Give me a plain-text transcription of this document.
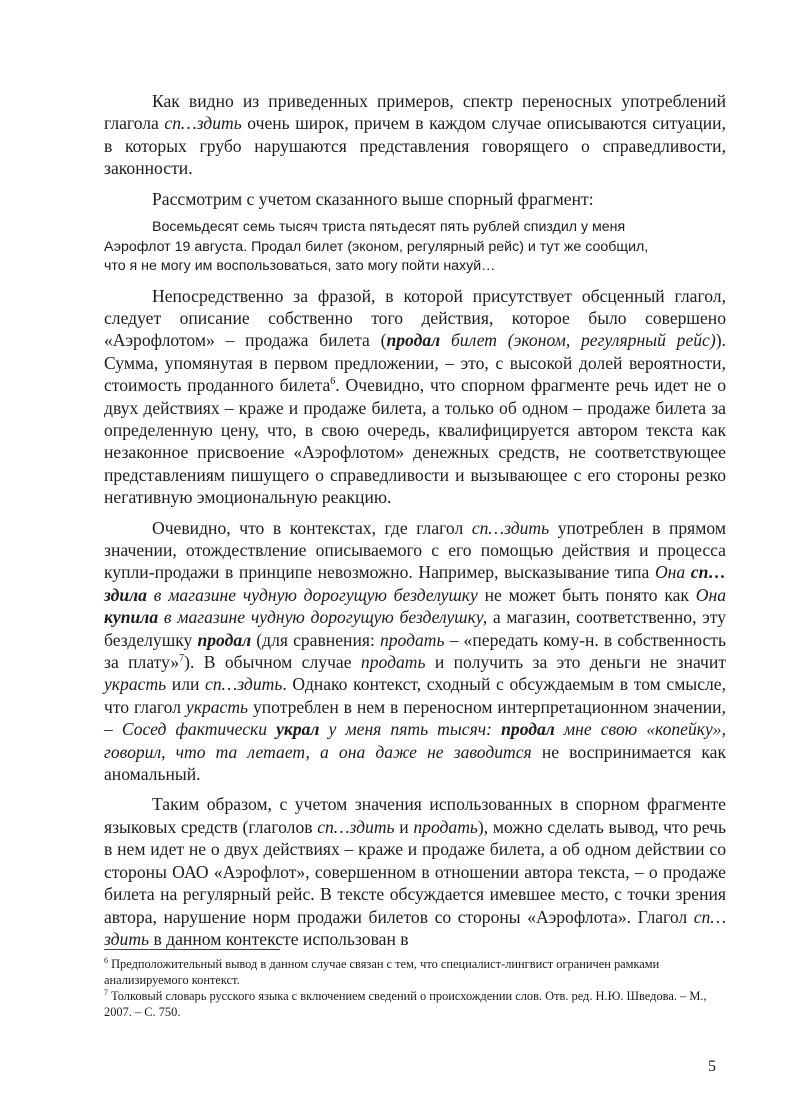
Как видно из приведенных примеров, спектр переносных употреблений глагола сп…здить очень широк, причем в каждом случае описываются ситуации, в которых грубо нарушаются представления говорящего о справедливости, законности.

Рассмотрим с учетом сказанного выше спорный фрагмент:

Восемьдесят семь тысяч триста пятьдесят пять рублей спиздил у меня
Аэрофлот 19 августа. Продал билет (эконом, регулярный рейс) и тут же сообщил,
что я не могу им воспользоваться, зато могу пойти нахуй…

Непосредственно за фразой, в которой присутствует обсценный глагол, следует описание собственно того действия, которое было совершено «Аэрофлотом» – продажа билета (продал билет (эконом, регулярный рейс)). Сумма, упомянутая в первом предложении, – это, с высокой долей вероятности, стоимость проданного билета$^6$. Очевидно, что спорном фрагменте речь идет не о двух действиях – краже и продаже билета, а только об одном – продаже билета за определенную цену, что, в свою очередь, квалифицируется автором текста как незаконное присвоение «Аэрофлотом» денежных средств, не соответствующее представлениям пишущего о справедливости и вызывающее с его стороны резко негативную эмоциональную реакцию.

Очевидно, что в контекстах, где глагол сп…здить употреблен в прямом значении, отождествление описываемого с его помощью действия и процесса купли-продажи в принципе невозможно. Например, высказывание типа Она сп…здила в магазине чудную дорогущую безделушку не может быть понято как Она купила в магазине чудную дорогущую безделушку, а магазин, соответственно, эту безделушку продал (для сравнения: продать – «передать кому-н. в собственность за плату»$^7$). В обычном случае продать и получить за это деньги не значит украсть или сп…здить. Однако контекст, сходный с обсуждаемым в том смысле, что глагол украсть употреблен в нем в переносном интерпретационном значении, – Сосед фактически украл у меня пять тысяч: продал мне свою «копейку», говорил, что та летает, а она даже не заводится не воспринимается как аномальный.

Таким образом, с учетом значения использованных в спорном фрагменте языковых средств (глаголов сп…здить и продать), можно сделать вывод, что речь в нем идет не о двух действиях – краже и продаже билета, а об одном действии со стороны ОАО «Аэрофлот», совершенном в отношении автора текста, – о продаже билета на регулярный рейс. В тексте обсуждается имевшее место, с точки зрения автора, нарушение норм продажи билетов со стороны «Аэрофлота». Глагол сп…здить в данном контексте использован в

$^6$ Предположительный вывод в данном случае связан с тем, что специалист-лингвист ограничен рамками анализируемого контекст.
$^7$ Толковый словарь русского языка с включением сведений о происхождении слов. Отв. ред. Н.Ю. Шведова. – М., 2007. – С. 750.
5
